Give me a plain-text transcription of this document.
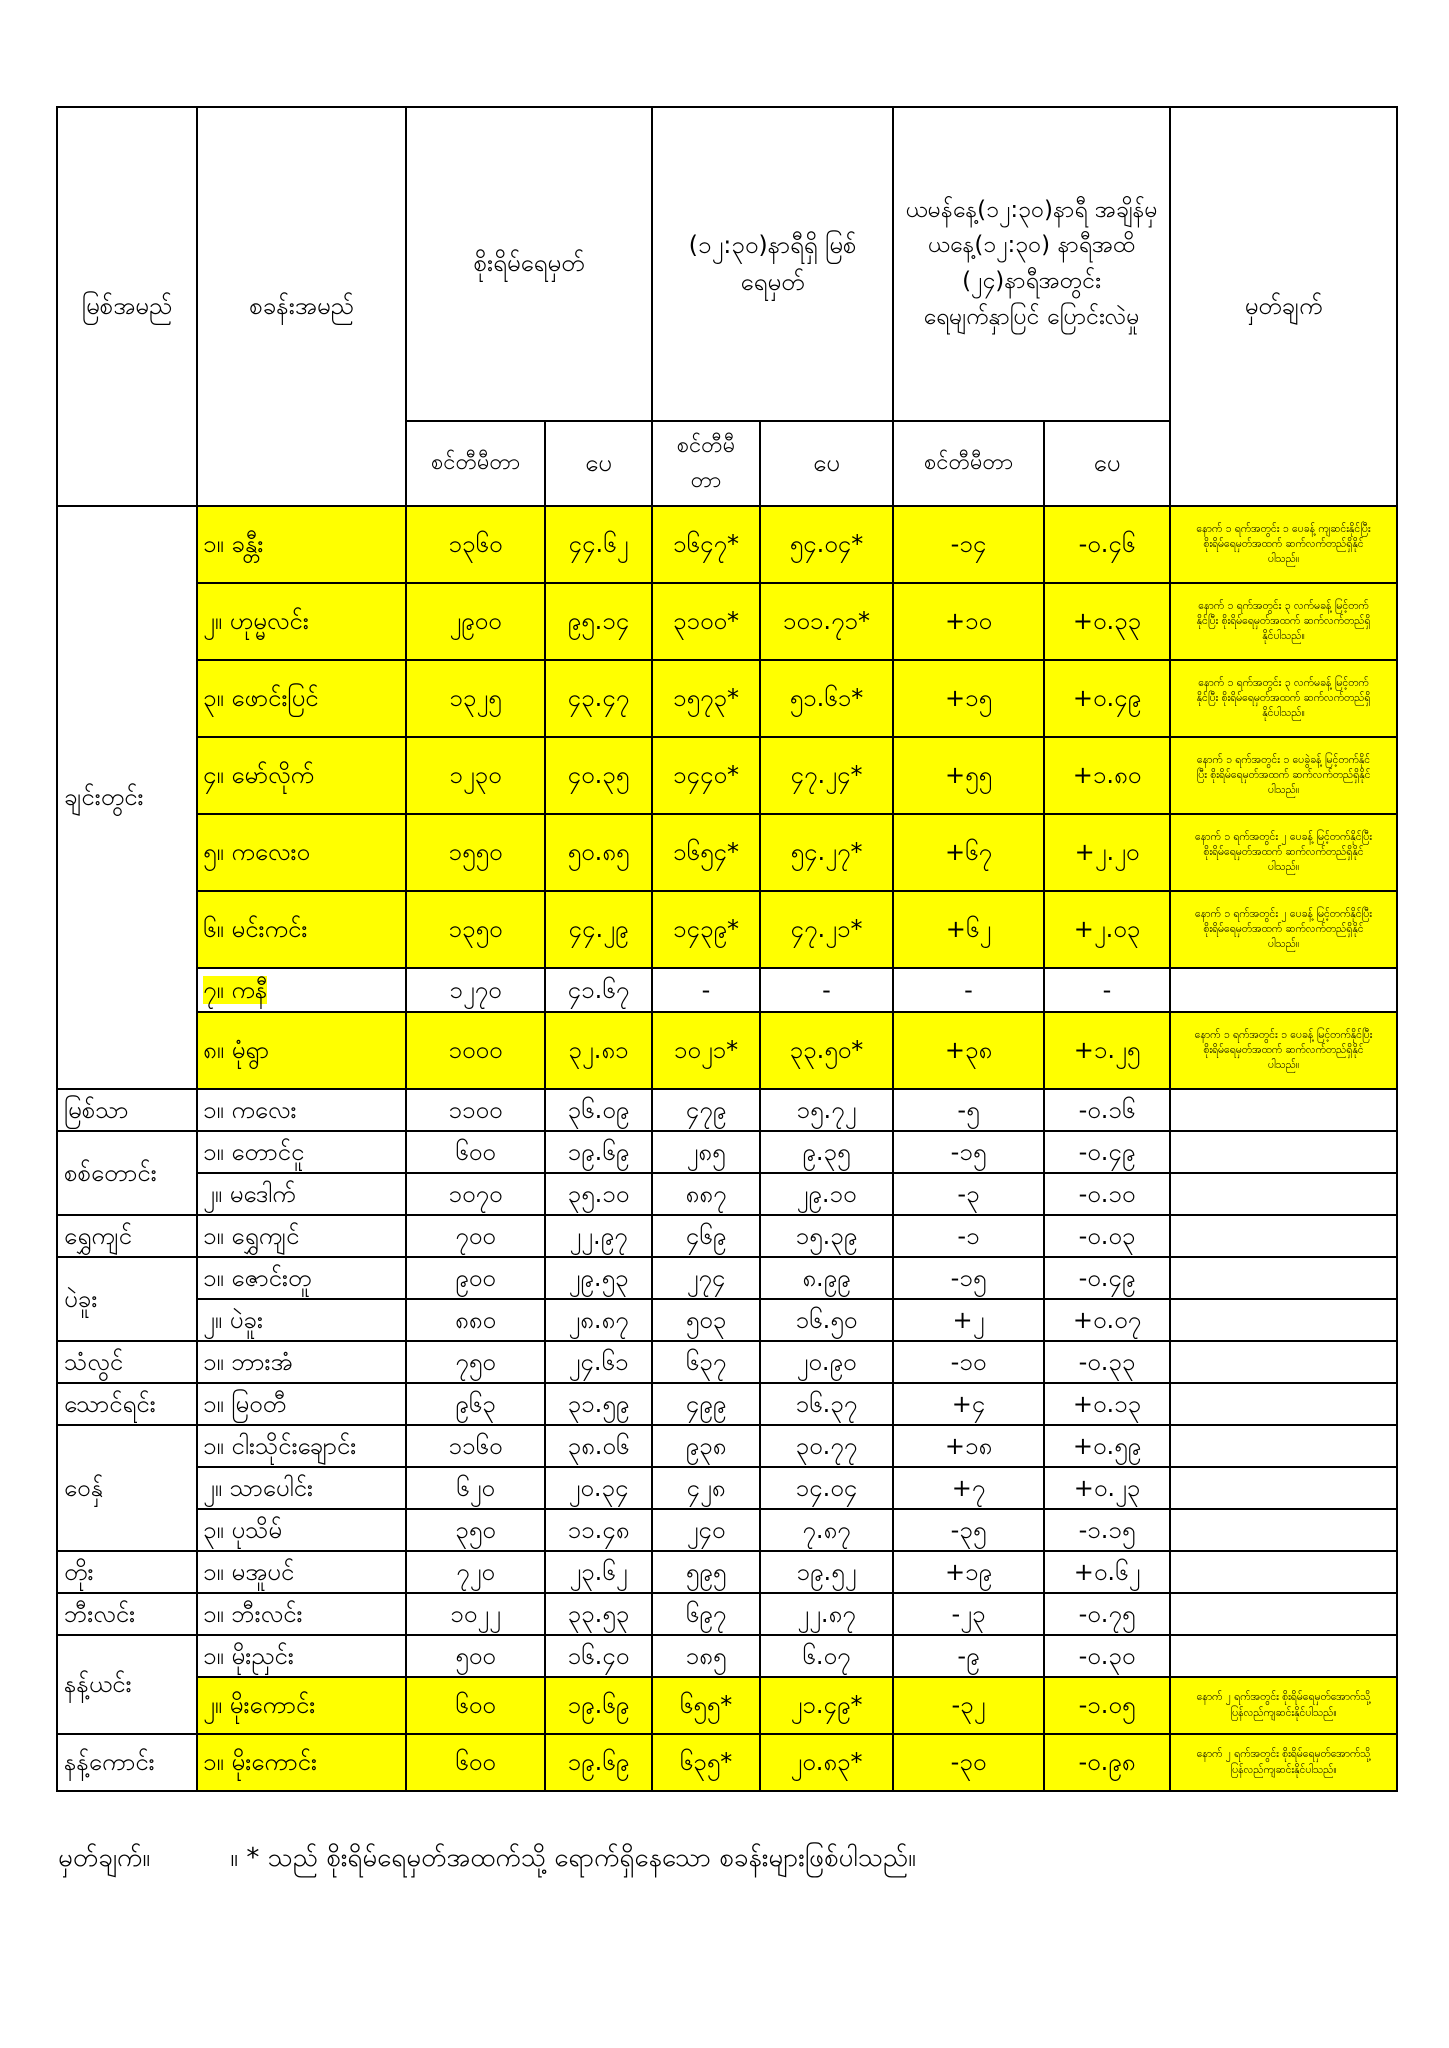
မြစ်အမည်	စခန်းအမည်	စိုးရိမ်ရေမှတ်		(၁၂:၃၀)နာရီရှိ မြစ်ရေမှတ်		ယမန်နေ့(၁၂:၃၀)နာရီ အချိန်မှ ယနေ့(၁၂:၃၀) နာရီအထိ (၂၄)နာရီအတွင်း ရေမျက်နှာပြင် ပြောင်းလဲမှု		မှတ်ချက်
		စင်တီမီတာ	ပေ	စင်တီမီ တာ	ပေ	စင်တီမီတာ	ပေ	
ချင်းတွင်း	၁။ ခန္တီး	၁၃၆၀	၄၄.၆၂	၁၆၄၇*	၅၄.၀၄*	-၁၄	-၀.၄၆	နောက် ၁ ရက်အတွင်း ၁ ပေခန့် ကျဆင်းနိုင်ပြီး စိုးရိမ်ရေမှတ်အထက် ဆက်လက်တည်ရှိနိုင်ပါသည်။
	၂။ ဟုမ္မလင်း	၂၉၀၀	၉၅.၁၄	၃၁၀၀*	၁၀၁.၇၁*	+၁၀	+၀.၃၃	နောက် ၁ ရက်အတွင်း ၃ လက်မခန့် မြင့်တက်နိုင်ပြီး စိုးရိမ်ရေမှတ်အထက် ဆက်လက်တည်ရှိနိုင်ပါသည်။
	၃။ ဖောင်းပြင်	၁၃၂၅	၄၃.၄၇	၁၅၇၃*	၅၁.၆၁*	+၁၅	+၀.၄၉	နောက် ၁ ရက်အတွင်း ၃ လက်မခန့် မြင့်တက်နိုင်ပြီး စိုးရိမ်ရေမှတ်အထက် ဆက်လက်တည်ရှိနိုင်ပါသည်။
	၄။ မော်လိုက်	၁၂၃၀	၄၀.၃၅	၁၄၄၀*	၄၇.၂၄*	+၅၅	+၁.၈၀	နောက် ၁ ရက်အတွင်း ၁ ပေခွဲခန့် မြင့်တက်နိုင်ပြီး စိုးရိမ်ရေမှတ်အထက် ဆက်လက်တည်ရှိနိုင်ပါသည်။
	၅။ ကလေးဝ	၁၅၅၀	၅၀.၈၅	၁၆၅၄*	၅၄.၂၇*	+၆၇	+၂.၂၀	နောက် ၁ ရက်အတွင်း ၂ ပေခန့် မြင့်တက်နိုင်ပြီး စိုးရိမ်ရေမှတ်အထက် ဆက်လက်တည်ရှိနိုင်ပါသည်။
	၆။ မင်းကင်း	၁၃၅၀	၄၄.၂၉	၁၄၃၉*	၄၇.၂၁*	+၆၂	+၂.၀၃	နောက် ၁ ရက်အတွင်း ၂ ပေခန့် မြင့်တက်နိုင်ပြီး စိုးရိမ်ရေမှတ်အထက် ဆက်လက်တည်ရှိနိုင်ပါသည်။
	၇။ ကနီ	၁၂၇၀	၄၁.၆၇	-	-	-	-	
	၈။ မုံရွာ	၁၀၀၀	၃၂.၈၁	၁၀၂၁*	၃၃.၅၀*	+၃၈	+၁.၂၅	နောက် ၁ ရက်အတွင်း ၁ ပေခန့် မြင့်တက်နိုင်ပြီး စိုးရိမ်ရေမှတ်အထက် ဆက်လက်တည်ရှိနိုင်ပါသည်။
မြစ်သာ	၁။ ကလေး	၁၁၀၀	၃၆.၀၉	၄၇၉	၁၅.၇၂	-၅	-၀.၁၆	
စစ်တောင်း	၁။ တောင်ငူ	၆၀၀	၁၉.၆၉	၂၈၅	၉.၃၅	-၁၅	-၀.၄၉	
	၂။ မဒေါက်	၁၀၇၀	၃၅.၁၀	၈၈၇	၂၉.၁၀	-၃	-၀.၁၀	
ရွှေကျင်	၁။ ရွှေကျင်	၇၀၀	၂၂.၉၇	၄၆၉	၁၅.၃၉	-၁	-၀.၀၃	
ပဲခူး	၁။ ဇောင်းတူ	၉၀၀	၂၉.၅၃	၂၇၄	၈.၉၉	-၁၅	-၀.၄၉	
	၂။ ပဲခူး	၈၈၀	၂၈.၈၇	၅၀၃	၁၆.၅၀	+၂	+၀.၀၇	
သံလွင်	၁။ ဘားအံ	၇၅၀	၂၄.၆၁	၆၃၇	၂၀.၉၀	-၁၀	-၀.၃၃	
သောင်ရင်း	၁။ မြဝတီ	၉၆၃	၃၁.၅၉	၄၉၉	၁၆.၃၇	+၄	+၀.၁၃	
ဝေနှ်	၁။ ငါးသိုင်းချောင်း	၁၁၆၀	၃၈.၀၆	၉၃၈	၃၀.၇၇	+၁၈	+၀.၅၉	
	၂။ သာပေါင်း	၆၂၀	၂၀.၃၄	၄၂၈	၁၄.၀၄	+၇	+၀.၂၃	
	၃။ ပုသိမ်	၃၅၀	၁၁.၄၈	၂၄၀	၇.၈၇	-၃၅	-၁.၁၅	
တိုး	၁။ မအူပင်	၇၂၀	၂၃.၆၂	၅၉၅	၁၉.၅၂	+၁၉	+၀.၆၂	
ဘီးလင်း	၁။ ဘီးလင်း	၁၀၂၂	၃၃.၅၃	၆၉၇	၂၂.၈၇	-၂၃	-၀.၇၅	
နန့်ယင်း	၁။ မိုးညှင်း	၅၀၀	၁၆.၄၀	၁၈၅	၆.၀၇	-၉	-၀.၃၀	
	၂။ မိုးကောင်း	၆၀၀	၁၉.၆၉	၆၅၅*	၂၁.၄၉*	-၃၂	-၁.၀၅	နောက် ၂ ရက်အတွင်း စိုးရိမ်ရေမှတ်အောက်သို့ ပြန်လည်ကျဆင်းနိုင်ပါသည်။
နန့်ကောင်း	၁။ မိုးကောင်း	၆၀၀	၁၉.၆၉	၆၃၅*	၂၀.၈၃*	-၃၀	-၀.၉၈	နောက် ၂ ရက်အတွင်း စိုးရိမ်ရေမှတ်အောက်သို့ ပြန်လည်ကျဆင်းနိုင်ပါသည်။
မှတ်ချက်။	။ * သည် စိုးရိမ်ရေမှတ်အထက်သို့ ရောက်ရှိနေသော စခန်းများဖြစ်ပါသည်။
